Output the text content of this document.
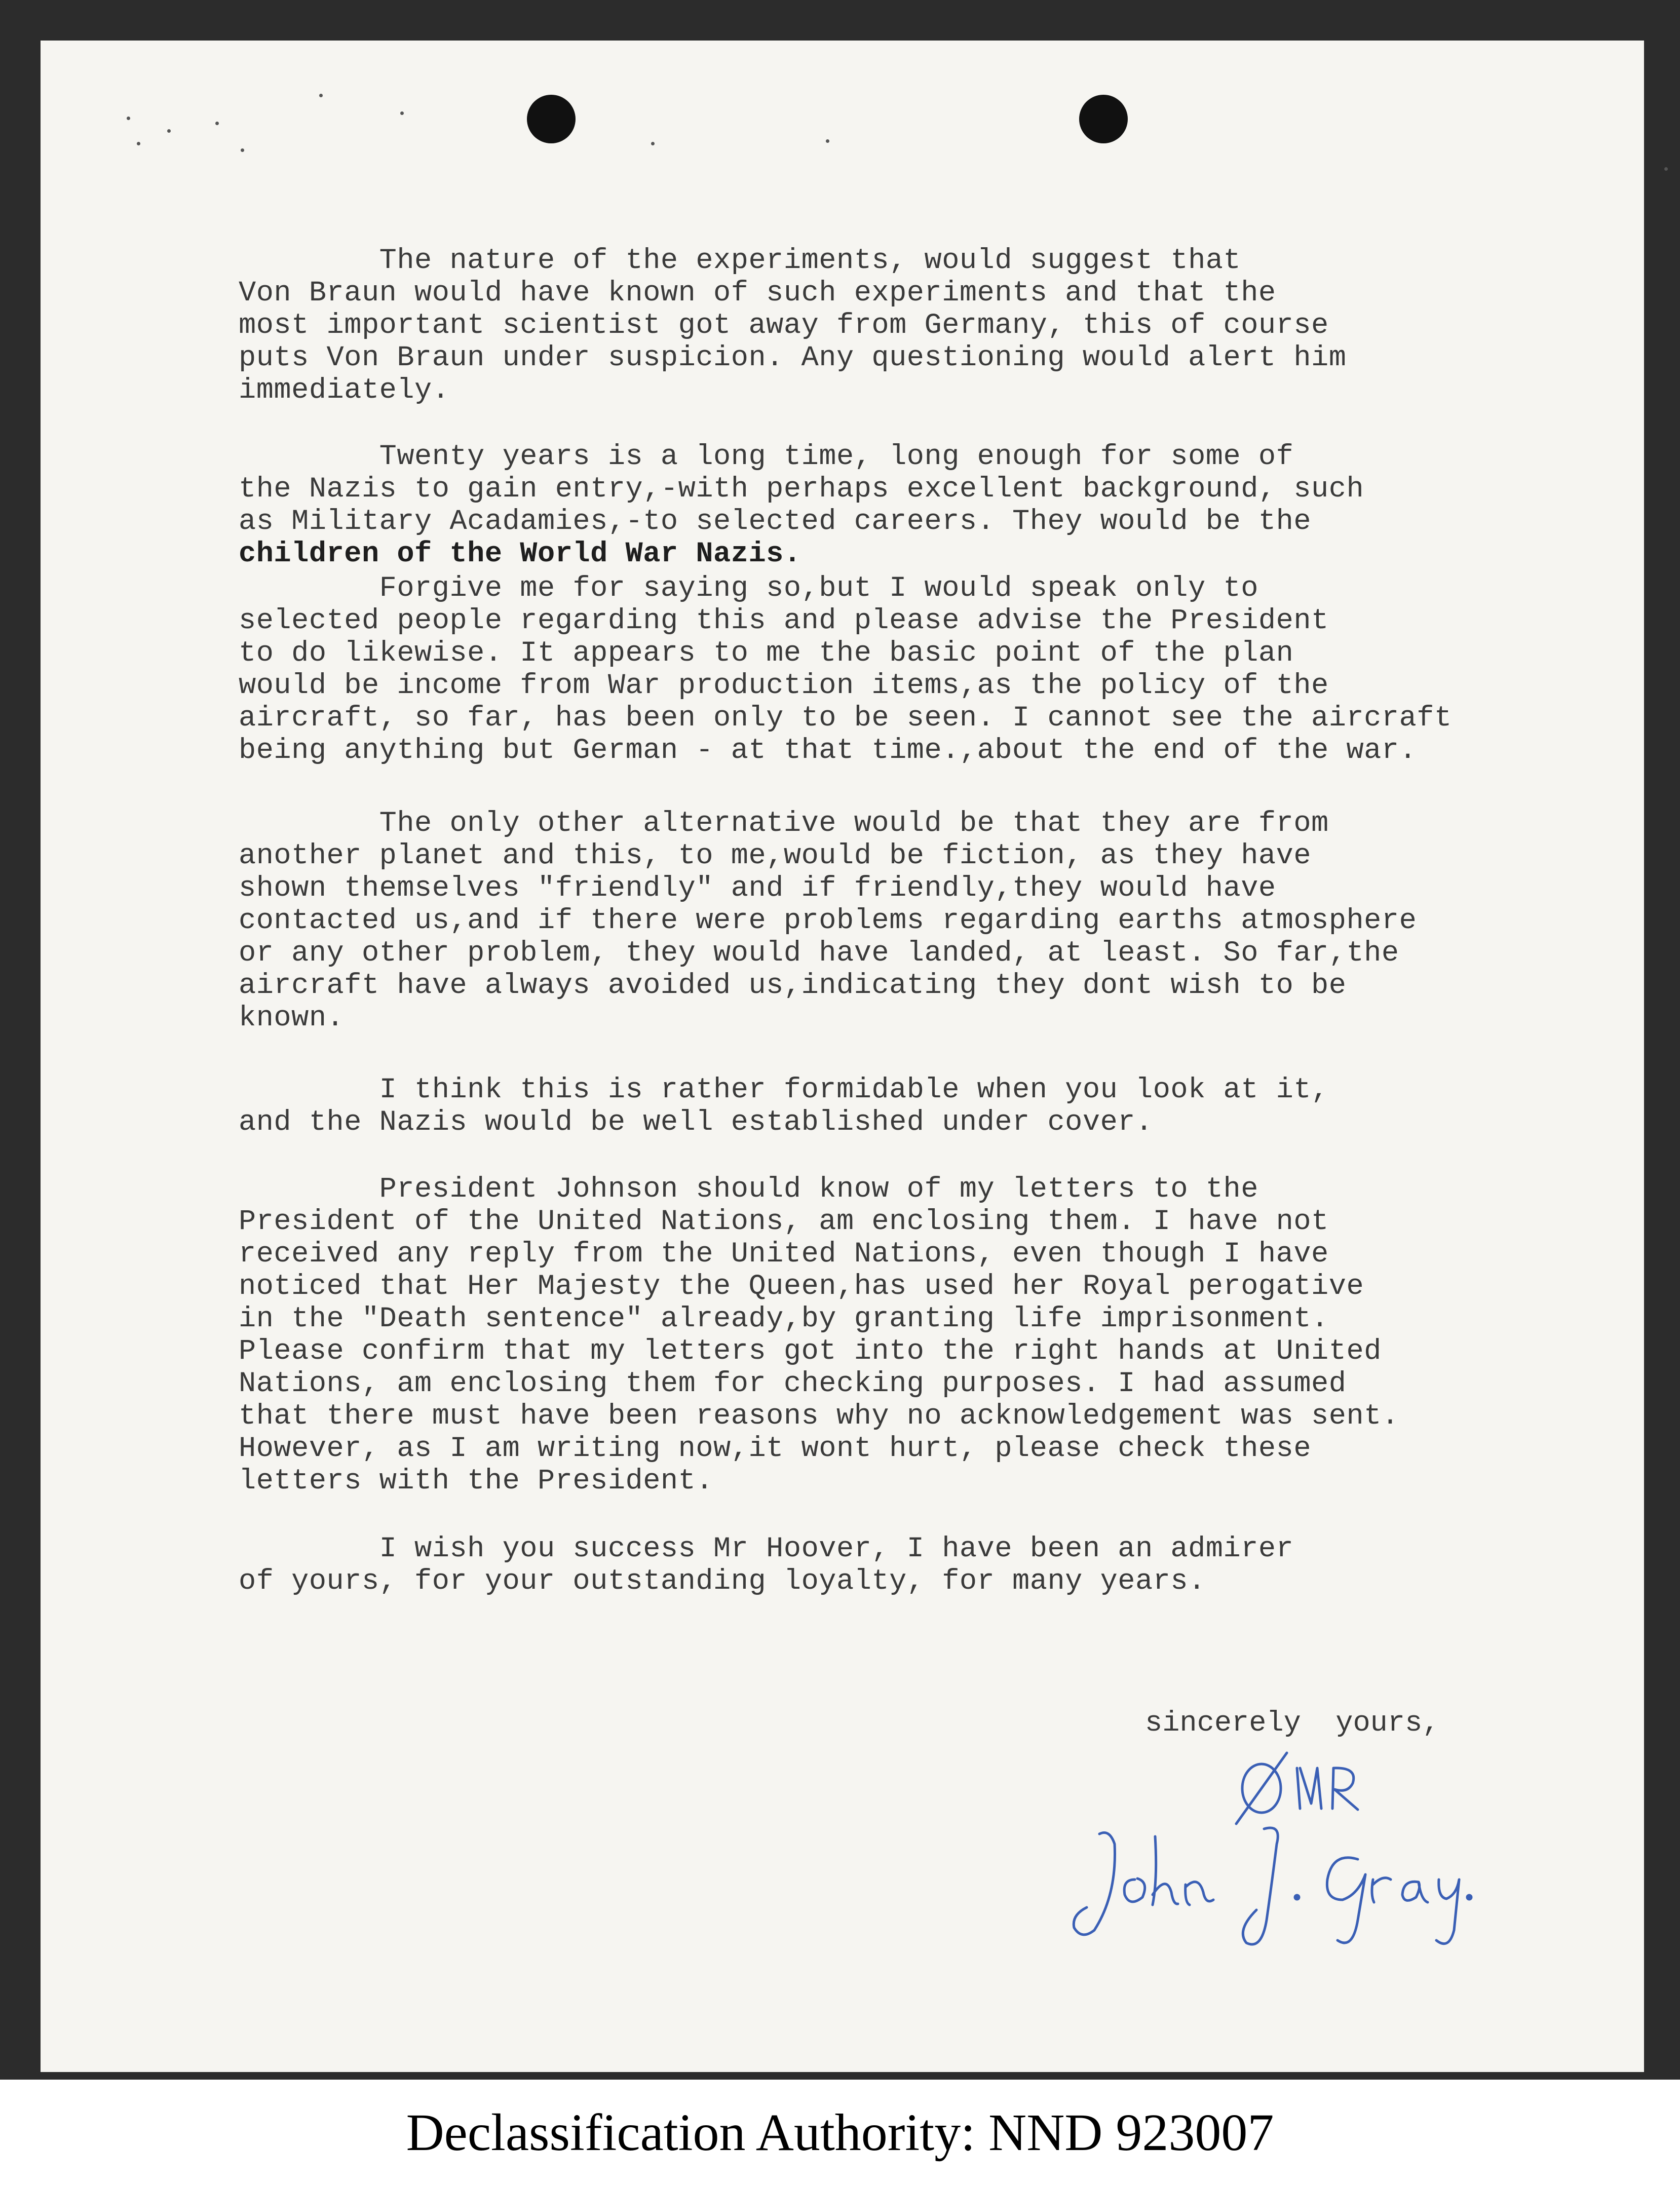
The nature of the experiments, would suggest that
Von Braun would have known of such experiments and that the
most important scientist got away from Germany, this of course
puts Von Braun under suspicion. Any questioning would alert him
immediately.
Twenty years is a long time, long enough for some of
the Nazis to gain entry,-with perhaps excellent background, such
as Military Acadamies,-to selected careers. They would be the
children of the World War Nazis.
Forgive me for saying so,but I would speak only to
selected people regarding this and please advise the President
to do likewise. It appears to me the basic point of the plan
would be income from War production items,as the policy of the
aircraft, so far, has been only to be seen. I cannot see the aircraft
being anything but German - at that time.,about the end of the war.
The only other alternative would be that they are from
another planet and this, to me,would be fiction, as they have
shown themselves "friendly" and if friendly,they would have
contacted us,and if there were problems regarding earths atmosphere
or any other problem, they would have landed, at least. So far,the
aircraft have always avoided us,indicating they dont wish to be
known.
I think this is rather formidable when you look at it,
and the Nazis would be well established under cover.
President Johnson should know of my letters to the
President of the United Nations, am enclosing them. I have not
received any reply from the United Nations, even though I have
noticed that Her Majesty the Queen,has used her Royal perogative
in the "Death sentence" already,by granting life imprisonment.
Please confirm that my letters got into the right hands at United
Nations, am enclosing them for checking purposes. I had assumed
that there must have been reasons why no acknowledgement was sent.
However, as I am writing now,it wont hurt, please check these
letters with the President.
I wish you success Mr Hoover, I have been an admirer
of yours, for your outstanding loyalty, for many years.
sincerely  yours,
Declassification Authority: NND 923007
